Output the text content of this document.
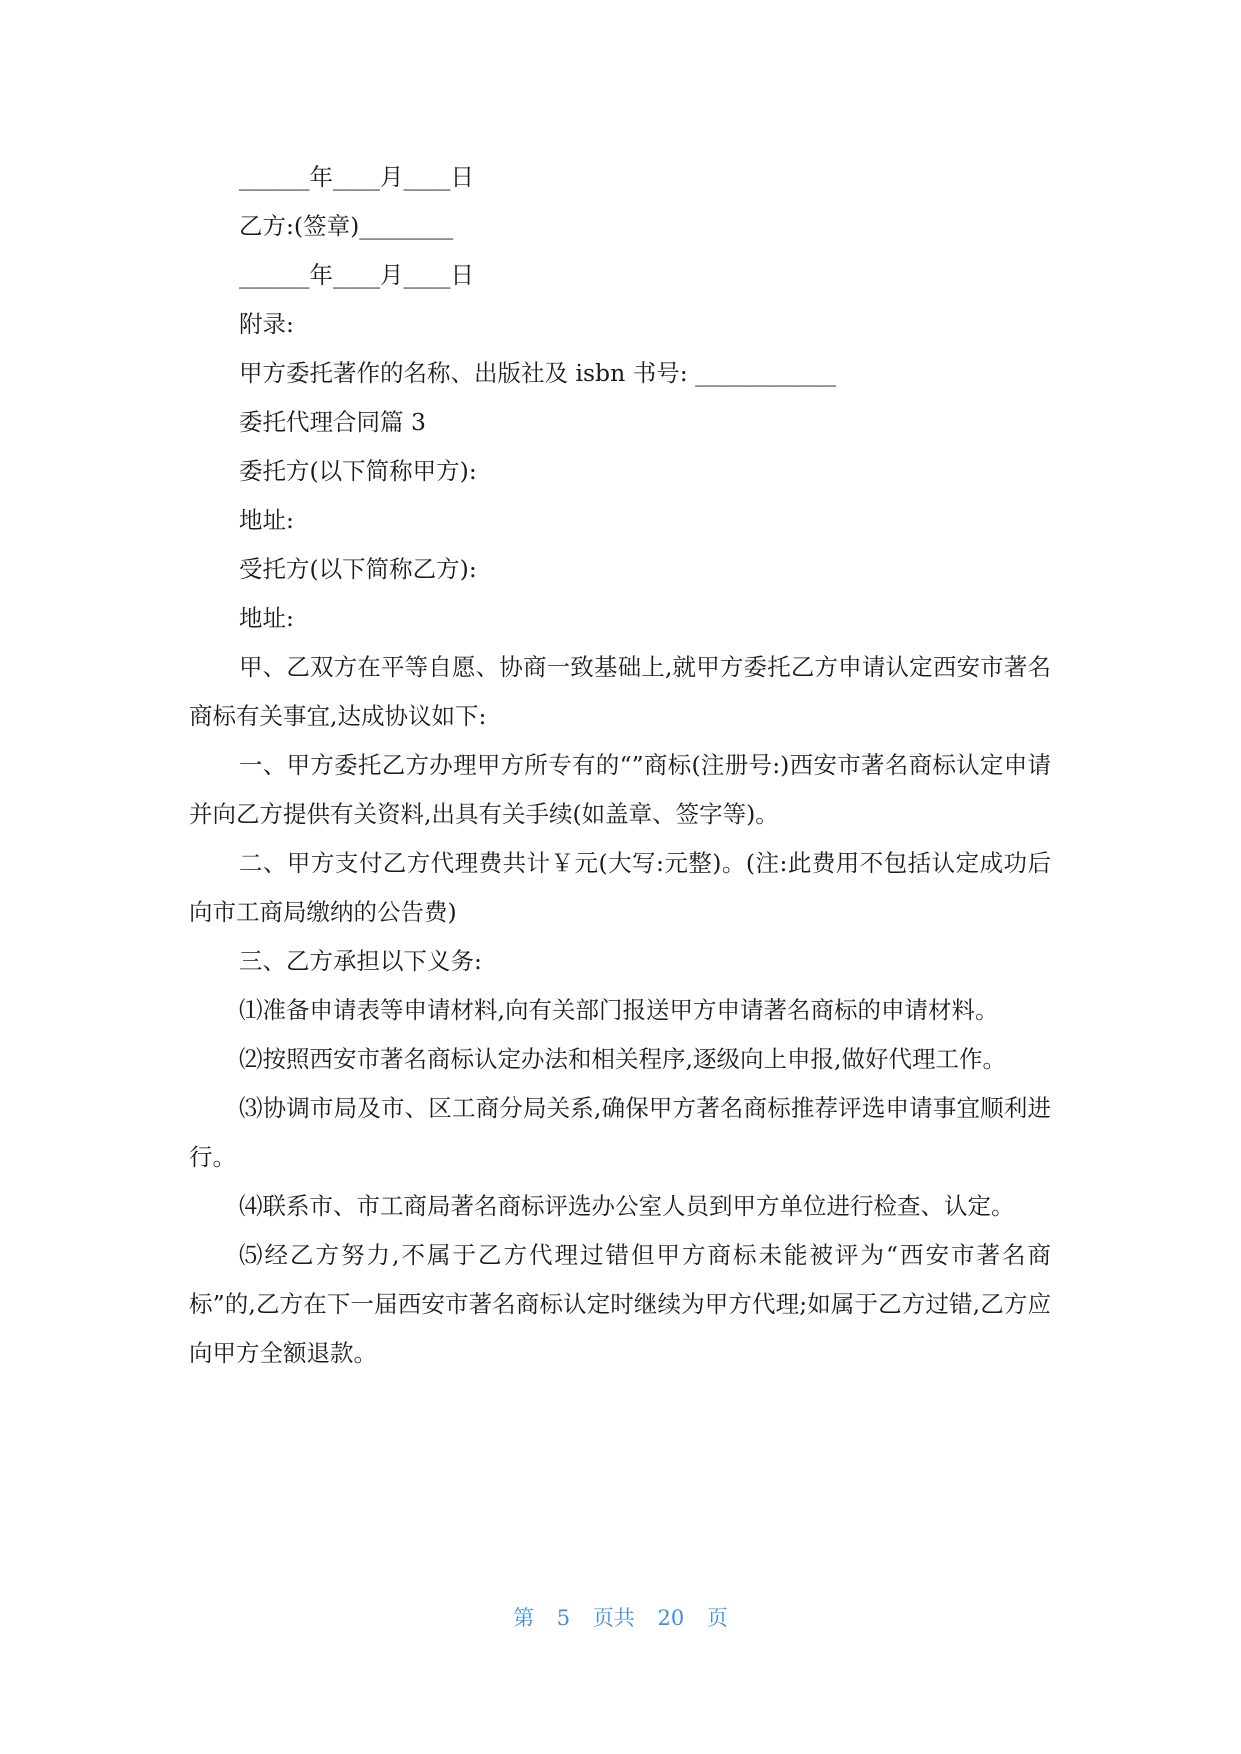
______年____月____日
乙方:(签章)________
______年____月____日
附录:
甲方委托著作的名称、出版社及 isbn 书号: ____________
委托代理合同篇 3
委托方(以下简称甲方):
地址:
受托方(以下简称乙方):
地址:

甲、乙双方在平等自愿、协商一致基础上,就甲方委托乙方申请认定西安市著名商标有关事宜,达成协议如下:

一、甲方委托乙方办理甲方所专有的“”商标(注册号:)西安市著名商标认定申请并向乙方提供有关资料,出具有关手续(如盖章、签字等)。

二、甲方支付乙方代理费共计￥元(大写:元整)。(注:此费用不包括认定成功后向市工商局缴纳的公告费)

三、乙方承担以下义务:

⑴准备申请表等申请材料,向有关部门报送甲方申请著名商标的申请材料。

⑵按照西安市著名商标认定办法和相关程序,逐级向上申报,做好代理工作。

⑶协调市局及市、区工商分局关系,确保甲方著名商标推荐评选申请事宜顺利进行。

⑷联系市、市工商局著名商标评选办公室人员到甲方单位进行检查、认定。

⑸经乙方努力,不属于乙方代理过错但甲方商标未能被评为“西安市著名商标”的,乙方在下一届西安市著名商标认定时继续为甲方代理;如属于乙方过错,乙方应向甲方全额退款。

第 5 页共 20 页
